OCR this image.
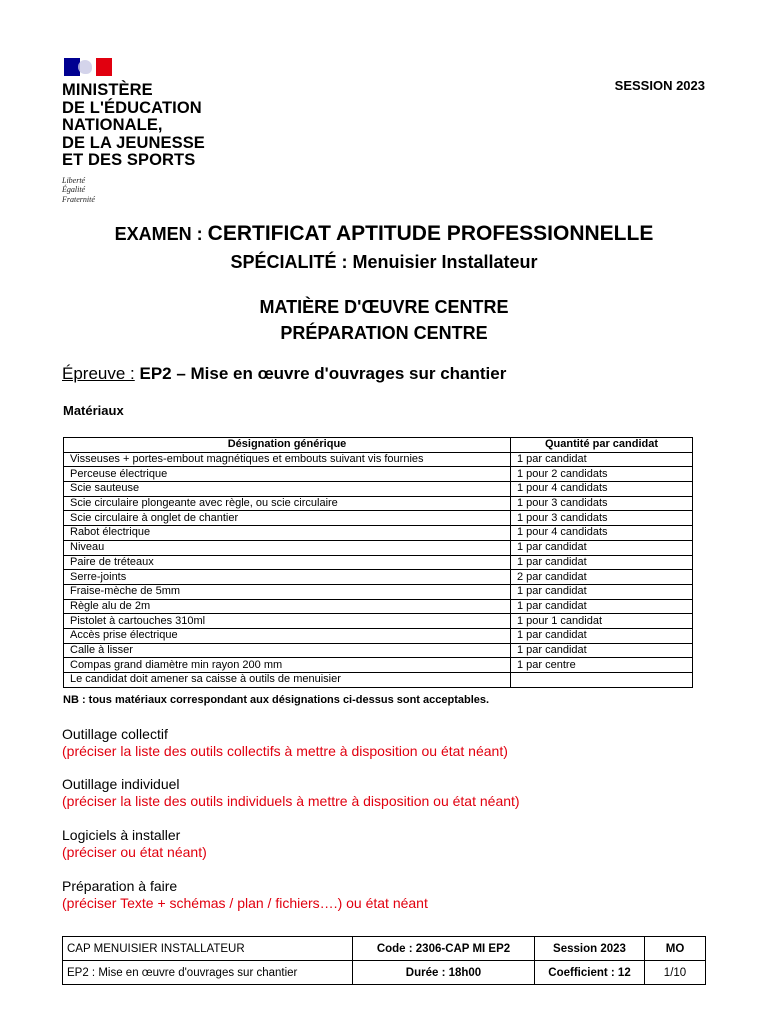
MINISTÈRE
DE L'ÉDUCATION
NATIONALE,
DE LA JEUNESSE
ET DES SPORTS
Liberté
Égalité
Fraternité
SESSION 2023
EXAMEN : CERTIFICAT APTITUDE PROFESSIONNELLE
SPÉCIALITÉ : Menuisier Installateur
MATIÈRE D'ŒUVRE CENTRE
PRÉPARATION CENTRE
Épreuve : EP2 – Mise en œuvre d'ouvrages sur chantier
Matériaux
Désignation générique	Quantité par candidat
Visseuses + portes-embout magnétiques et embouts suivant vis fournies	1 par candidat
Perceuse électrique	1 pour 2 candidats
Scie sauteuse	1 pour 4 candidats
Scie circulaire plongeante avec règle, ou scie circulaire	1 pour 3 candidats
Scie circulaire à onglet de chantier	1 pour 3 candidats
Rabot électrique	1 pour 4 candidats
Niveau	1 par candidat
Paire de tréteaux	1 par candidat
Serre-joints	2 par candidat
Fraise-mèche de 5mm	1 par candidat
Règle alu de 2m	1 par candidat
Pistolet à cartouches 310ml	1 pour 1 candidat
Accès prise électrique	1 par candidat
Calle à lisser	1 par candidat
Compas grand diamètre min rayon 200 mm	1 par centre
Le candidat doit amener sa caisse à outils de menuisier	
NB : tous matériaux correspondant aux désignations ci-dessus sont acceptables.
Outillage collectif
(préciser la liste des outils collectifs à mettre à disposition ou état néant)
Outillage individuel
(préciser la liste des outils individuels à mettre à disposition ou état néant)
Logiciels à installer
(préciser ou état néant)
Préparation à faire
(préciser Texte + schémas / plan / fichiers….) ou état néant
CAP MENUISIER INSTALLATEUR	Code : 2306-CAP MI EP2	Session 2023	MO
EP2 : Mise en œuvre d'ouvrages sur chantier	Durée : 18h00	Coefficient : 12	1/10
